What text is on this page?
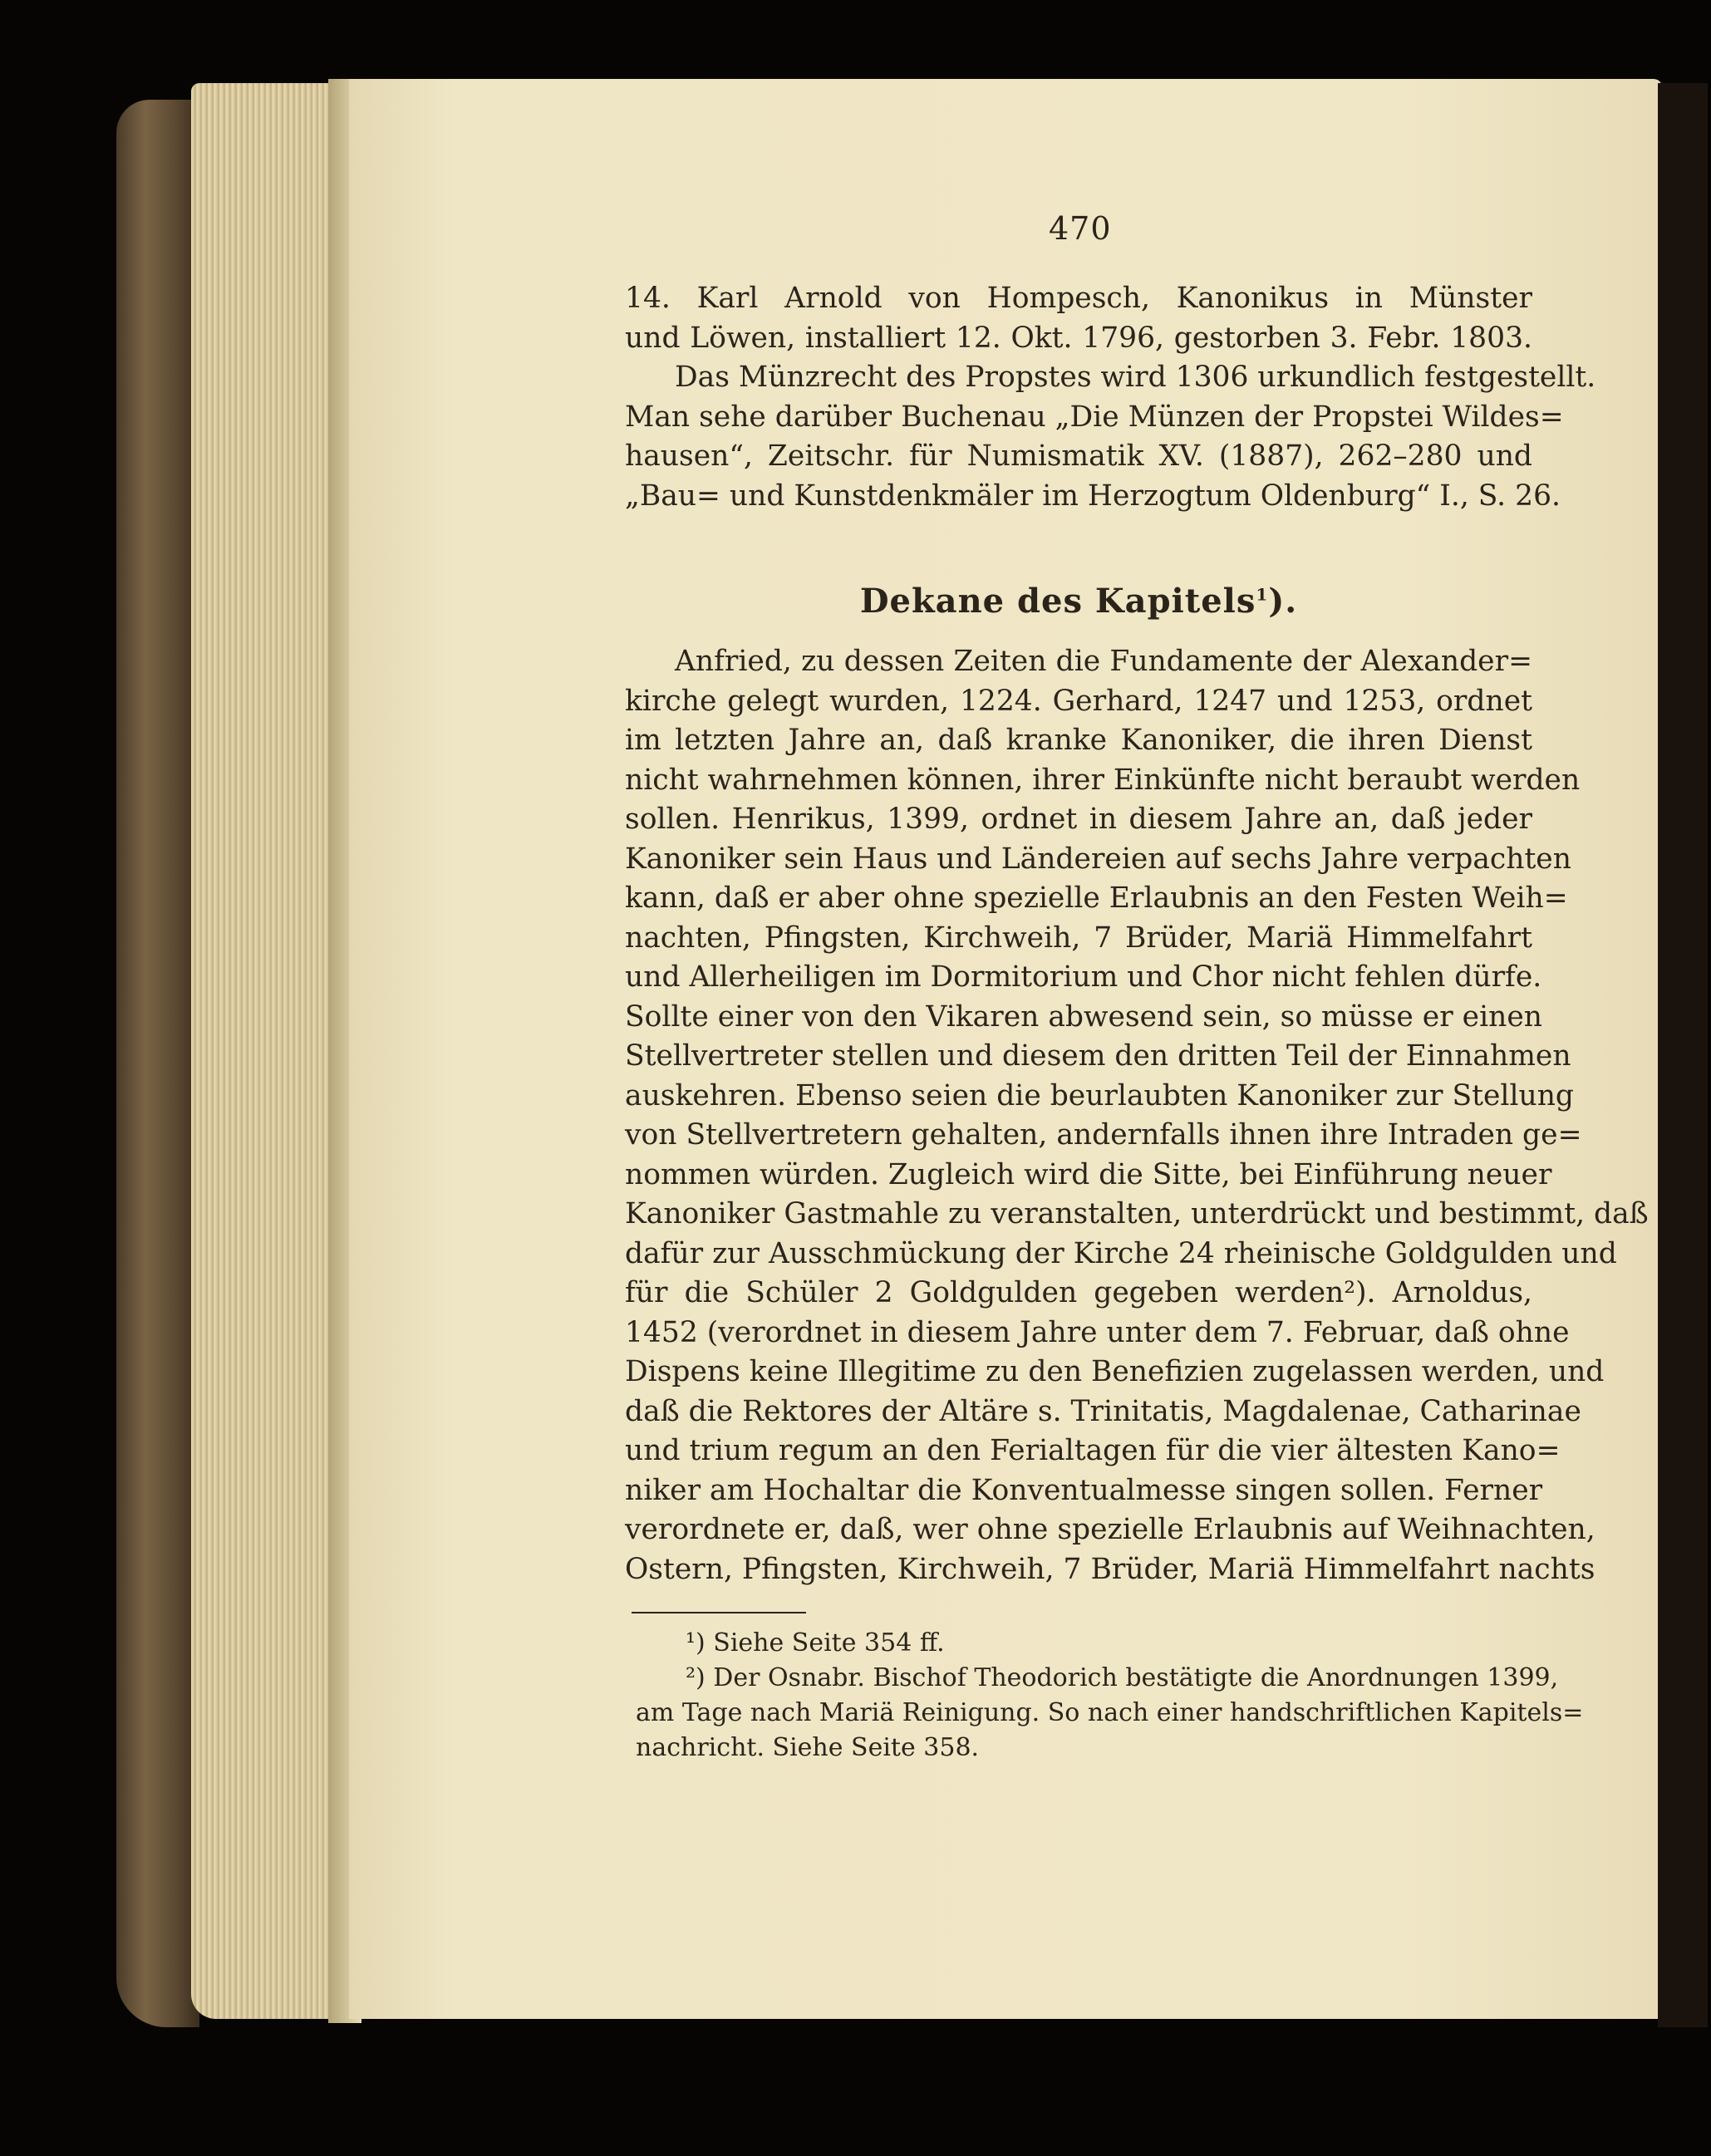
470
14. Karl Arnold von Hompesch, Kanonikus in Münster
und Löwen, installiert 12. Okt. 1796, gestorben 3. Febr. 1803.
Das Münzrecht des Propstes wird 1306 urkundlich festgestellt.
Man sehe darüber Buchenau „Die Münzen der Propstei Wildes=
hausen“, Zeitschr. für Numismatik XV. (1887), 262–280 und
„Bau= und Kunstdenkmäler im Herzogtum Oldenburg“ I., S. 26.
Dekane des Kapitels$^1$).
Anfried, zu dessen Zeiten die Fundamente der Alexander=
kirche gelegt wurden, 1224. Gerhard, 1247 und 1253, ordnet
im letzten Jahre an, daß kranke Kanoniker, die ihren Dienst
nicht wahrnehmen können, ihrer Einkünfte nicht beraubt werden
sollen. Henrikus, 1399, ordnet in diesem Jahre an, daß jeder
Kanoniker sein Haus und Ländereien auf sechs Jahre verpachten
kann, daß er aber ohne spezielle Erlaubnis an den Festen Weih=
nachten, Pfingsten, Kirchweih, 7 Brüder, Mariä Himmelfahrt
und Allerheiligen im Dormitorium und Chor nicht fehlen dürfe.
Sollte einer von den Vikaren abwesend sein, so müsse er einen
Stellvertreter stellen und diesem den dritten Teil der Einnahmen
auskehren. Ebenso seien die beurlaubten Kanoniker zur Stellung
von Stellvertretern gehalten, andernfalls ihnen ihre Intraden ge=
nommen würden. Zugleich wird die Sitte, bei Einführung neuer
Kanoniker Gastmahle zu veranstalten, unterdrückt und bestimmt, daß
dafür zur Ausschmückung der Kirche 24 rheinische Goldgulden und
für die Schüler 2 Goldgulden gegeben werden²). Arnoldus,
1452 (verordnet in diesem Jahre unter dem 7. Februar, daß ohne
Dispens keine Illegitime zu den Benefizien zugelassen werden, und
daß die Rektores der Altäre s. Trinitatis, Magdalenae, Catharinae
und trium regum an den Ferialtagen für die vier ältesten Kano=
niker am Hochaltar die Konventualmesse singen sollen. Ferner
verordnete er, daß, wer ohne spezielle Erlaubnis auf Weihnachten,
Ostern, Pfingsten, Kirchweih, 7 Brüder, Mariä Himmelfahrt nachts
¹) Siehe Seite 354 ff.
²) Der Osnabr. Bischof Theodorich bestätigte die Anordnungen 1399,
am Tage nach Mariä Reinigung. So nach einer handschriftlichen Kapitels=
nachricht. Siehe Seite 358.
